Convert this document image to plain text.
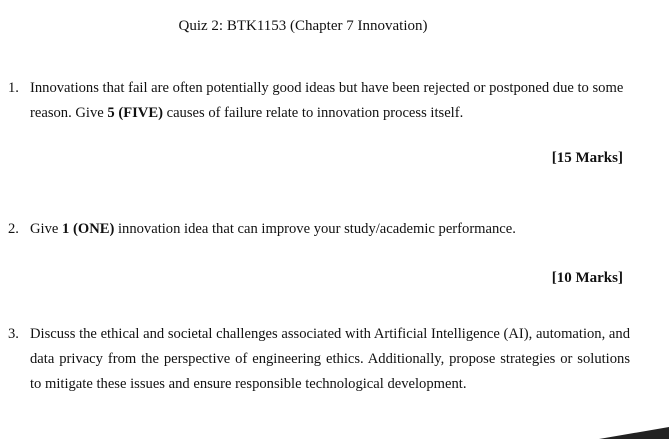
Quiz 2: BTK1153 (Chapter 7 Innovation)
1. Innovations that fail are often potentially good ideas but have been rejected or postponed due to some reason. Give 5 (FIVE) causes of failure relate to innovation process itself.
[15 Marks]
2. Give 1 (ONE) innovation idea that can improve your study/academic performance.
[10 Marks]
3. Discuss the ethical and societal challenges associated with Artificial Intelligence (AI), automation, and data privacy from the perspective of engineering ethics. Additionally, propose strategies or solutions to mitigate these issues and ensure responsible technological development.
